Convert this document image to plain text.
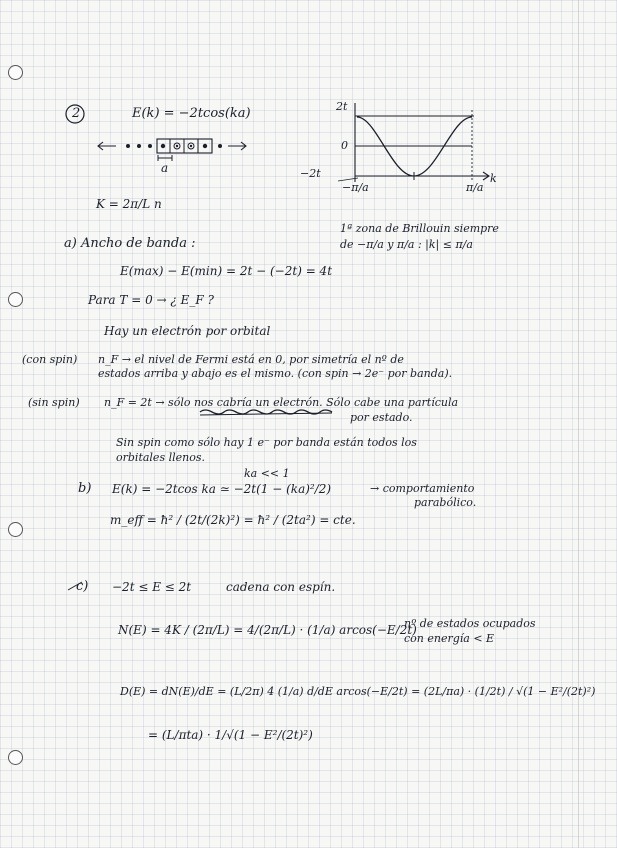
2	E(k) = −2tcos(ka)
a
2t
0
−2t
−π/a	π/a
k
K = 2π/L n
1ª zona de Brillouin siempre
de −π/a y π/a : |k| ≤ π/a
a) Ancho de banda :
E(max) − E(min) = 2t − (−2t) = 4t
Para T = 0 → ¿ E_F ?
Hay un electrón por orbital
(con spin) n_F → el nivel de Fermi está en 0, por simetría el nº de
estados arriba y abajo es el mismo. (con spin → 2e⁻ por banda).
(sin spin) n_F = 2t → sólo nos cabría un electrón. Sólo cabe una partícula
por estado.
Sin spin como sólo hay 1 e⁻ por banda están todos los
orbitales llenos.
ka << 1
b) E(k) = −2tcos ka ≃ −2t(1 − (ka)²/2)	→ comportamiento
parabólico.
m_eff = ħ² / (2t/(2k)²) = ħ² / (2ta²) = cte.
c) −2t ≤ E ≤ 2t	cadena con espín.
N(E) = 4K / (2π/L) = 4/(2π/L) · (1/a) arcos(−E/2t)
nº de estados ocupados
con energía < E
D(E) = dN(E)/dE = (L/2π) 4 (1/a) d/dE arcos(−E/2t) = (2L/πa) · (1/2t) / √(1 − E²/(2t)²)
= (L/πta) · 1/√(1 − E²/(2t)²)
